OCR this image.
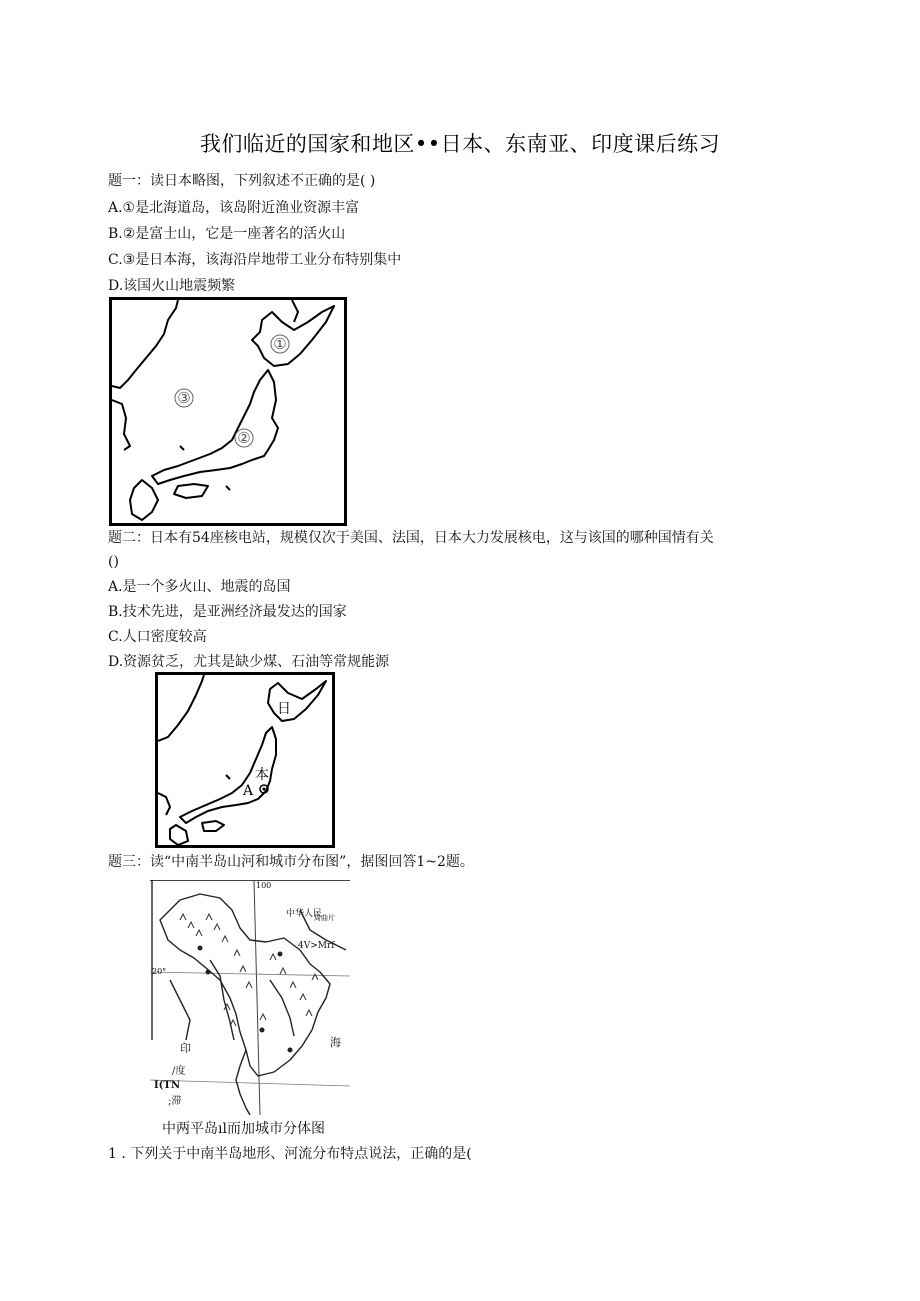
我们临近的国家和地区••日本、东南亚、印度课后练习
题一：读日本略图，下列叙述不正确的是( )
A.①是北海道岛，该岛附近渔业资源丰富
B.②是富士山，它是一座著名的活火山
C.③是日本海，该海沿岸地带工业分布特别集中
D.该国火山地震频繁
①
②
③
题二：日本有54座核电站，规模仅次于美国、法国，日本大力发展核电，这与该国的哪种国情有关
()
A.是一个多火山、地震的岛国
B.技术先进，是亚洲经济最发达的国家
C.人口密度较高
D.资源贫乏，尤其是缺少煤、石油等常规能源
日
本
A
题三：读“中南半岛山河和城市分布图”，据图回答1~2题。
100
中华人民
周曲片
4V>Mrf
20°
印
/度
I(TN
海
;滞
中两平岛ıl而加城市分体图
1 . 下列关于中南半岛地形、河流分布特点说法，正确的是(
